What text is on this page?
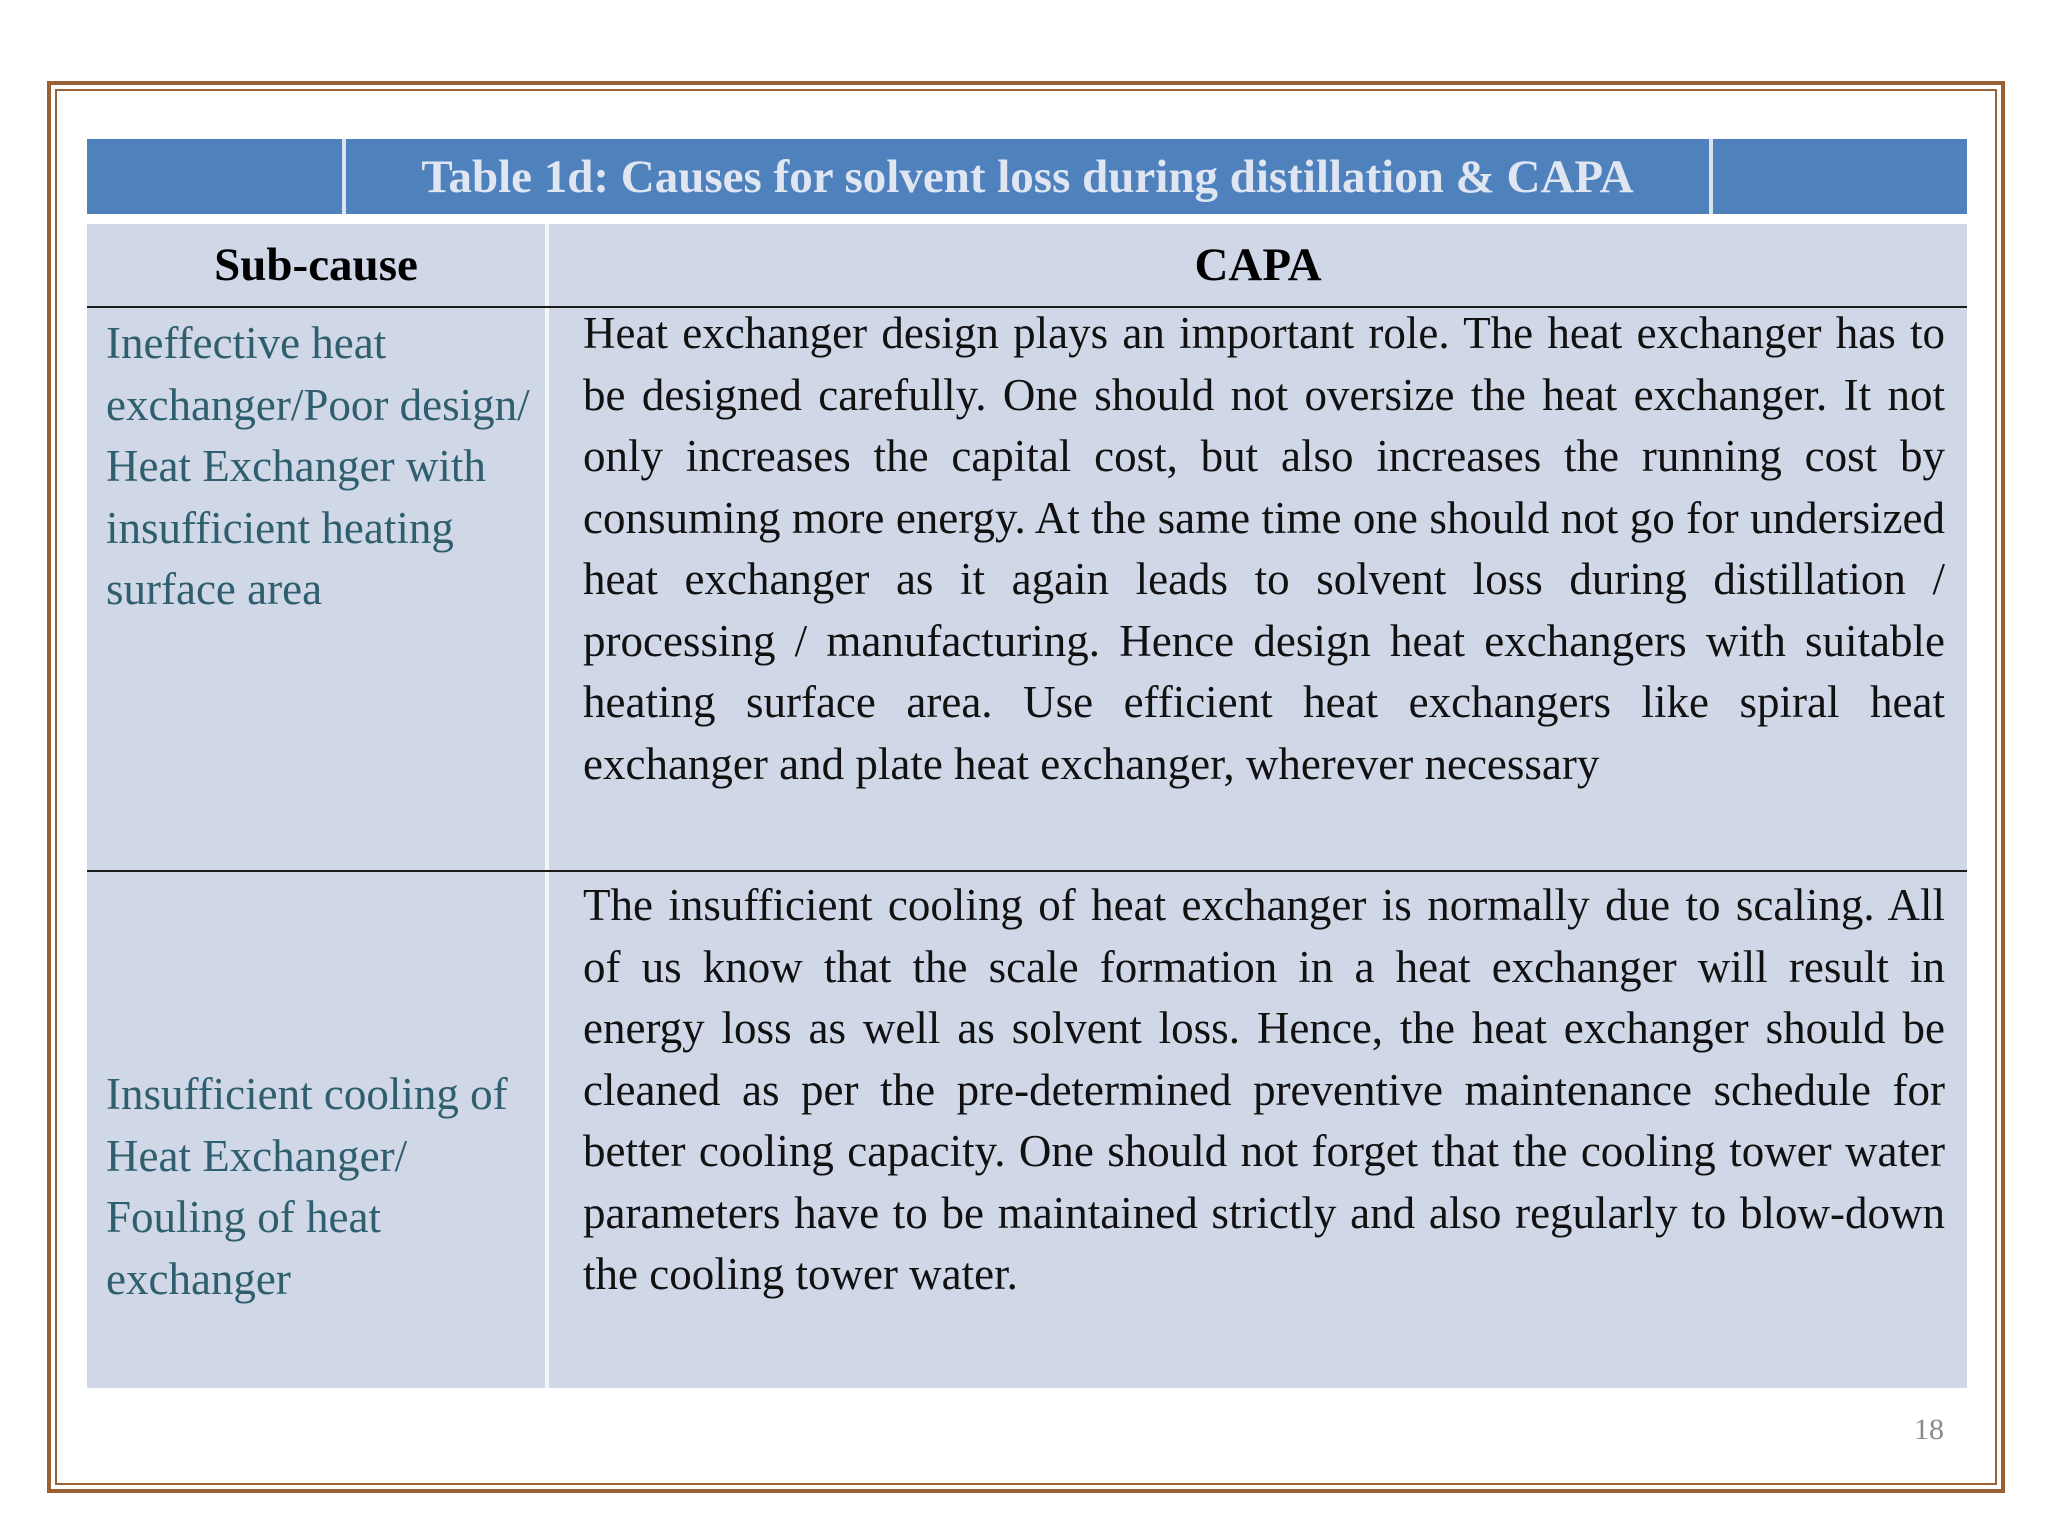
Table 1d: Causes for solvent loss during distillation & CAPA
Sub-cause	CAPA
Ineffective heat exchanger/Poor design/ Heat Exchanger with insufficient heating surface area
Heat exchanger design plays an important role. The heat exchanger has to be designed carefully. One should not oversize the heat exchanger. It not only increases the capital cost, but also increases the running cost by consuming more energy. At the same time one should not go for undersized heat exchanger as it again leads to solvent loss during distillation / processing / manufacturing. Hence design heat exchangers with suitable heating surface area. Use efficient heat exchangers like spiral heat exchanger and plate heat exchanger, wherever necessary
Insufficient cooling of Heat Exchanger/ Fouling of heat exchanger
The insufficient cooling of heat exchanger is normally due to scaling. All of us know that the scale formation in a heat exchanger will result in energy loss as well as solvent loss. Hence, the heat exchanger should be cleaned as per the pre-determined preventive maintenance schedule for better cooling capacity. One should not forget that the cooling tower water parameters have to be maintained strictly and also regularly to blow-down the cooling tower water.
18
